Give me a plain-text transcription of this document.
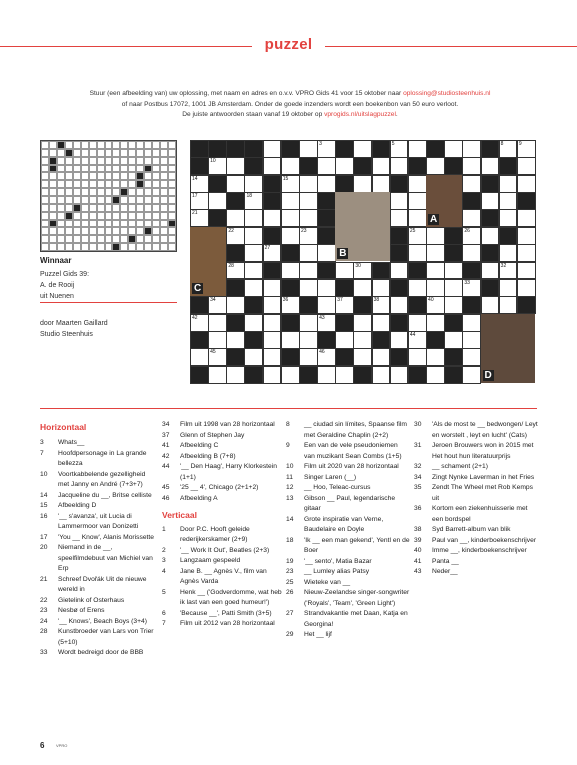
puzzel
Stuur (een afbeelding van) uw oplossing, met naam en adres en o.v.v. VPRO Gids 41 voor 15 oktober naar oplossing@studiosteenhuis.nl
of naar Postbus 17072, 1001 JB Amsterdam. Onder de goede inzenders wordt een boekenbon van 50 euro verloot.
De juiste antwoorden staan vanaf 19 oktober op vprogids.nl/uitslagpuzzel.
Winnaar
Puzzel Gids 39:
A. de Rooij
uit Nuenen
door Maarten Gaillard
Studio Steenhuis
3	5	8	9
10
14	15
17	18
21
22	23	25	26
27
28	30	32
33
34	36	37	38	40
42	43
44
45	46
A
B
C
D
Horizontaal
3	Whats__
7	Hoofdpersonage in La grande bellezza
10	Voortkabbelende gezelligheid met Janny en André (7+3+7)
14	Jacqueline du __, Britse celliste
15	Afbeelding D
16	'__ s'avanza', uit Lucia di Lammermoor van Donizetti
17	'You __ Know', Alanis Morissette
20	Niemand in de __, speelfilmdebuut van Michiel van Erp
21	Schreef Dvořák Uit de nieuwe wereld in
22	Gietelink of Osterhaus
23	Nesbø of Erens
24	'__ Knows', Beach Boys (3+4)
28	Kunstbroeder van Lars von Trier (5+10)
33	Wordt bedreigd door de BBB
34	Film uit 1998 van 28 horizontaal
37	Glenn of Stephen Jay
41	Afbeelding C
42	Afbeelding B (7+8)
44	'__ Den Haag', Harry Klorkestein (1+1)
45	'25 __ 4', Chicago (2+1+2)
46	Afbeelding A
Verticaal
1	Door P.C. Hooft geleide rederijkerskamer (2+9)
2	'__ Work It Out', Beatles (2+3)
3	Langzaam gespeeld
4	Jane B. __ Agnès V., film van Agnès Varda
5	Henk __ ('Godverdomme, wat heb ik last van een goed humeur!')
6	'Because __', Patti Smith (3+5)
7	Film uit 2012 van 28 horizontaal
8	__ ciudad sin límites, Spaanse film met Geraldine Chaplin (2+2)
9	Een van de vele pseudoniemen van muzikant Sean Combs (1+5)
10	Film uit 2020 van 28 horizontaal
11	Singer Laren (__)
12	__ Hoo, Teleac-cursus
13	Gibson __ Paul, legendarische gitaar
14	Grote inspiratie van Verne, Baudelaire en Doyle
18	'Ik __ een man gekend', Yentl en de Boer
19	'__ sento', Matia Bazar
23	__ Lumley alias Patsy
25	Wieteke van __
26	Nieuw-Zeelandse singer-songwriter ('Royals', 'Team', 'Green Light')
27	Strandvakantie met Daan, Katja en Georgina!
29	Het __ lijf
30	'Als de most te __ bedwongen/ Leyt en worstelt , leyt en lucht' (Cats)
31	Jeroen Brouwers won in 2015 met Het hout hun literatuurprijs
32	__ schament (2+1)
34	Zingt Nynke Laverman in het Fries
35	Zendt The Wheel met Rob Kemps uit
36	Kortom een ziekenhuisserie met een bordspel
38	Syd Barrett-album van blik
39	Paul van __, kinderboekenschrijver
40	Imme __, kinderboekenschrijver
41	Panta __
43	Neder__
6	VPRO
